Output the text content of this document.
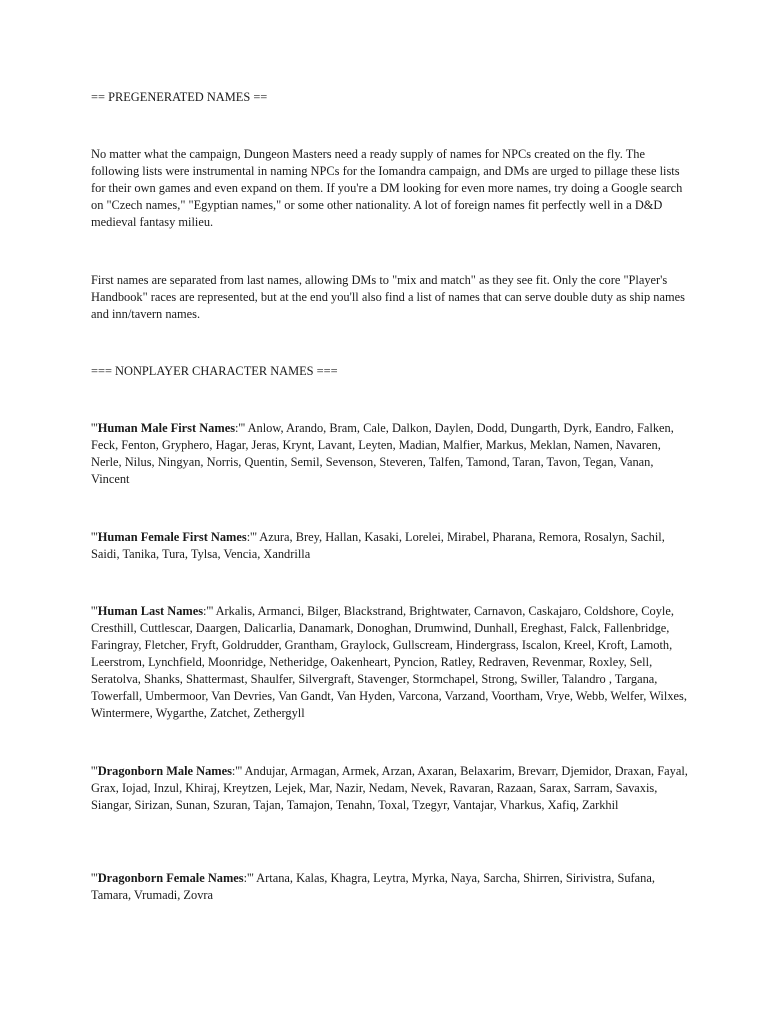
== PREGENERATED NAMES ==

No matter what the campaign, Dungeon Masters need a ready supply of names for NPCs created on the fly. The following lists were instrumental in naming NPCs for the Iomandra campaign, and DMs are urged to pillage these lists for their own games and even expand on them. If you're a DM looking for even more names, try doing a Google search on "Czech names," "Egyptian names," or some other nationality. A lot of foreign names fit perfectly well in a D&D medieval fantasy milieu.

First names are separated from last names, allowing DMs to "mix and match" as they see fit. Only the core "Player's Handbook" races are represented, but at the end you'll also find a list of names that can serve double duty as ship names and inn/tavern names.

=== NONPLAYER CHARACTER NAMES ===

'''Human Male First Names:''' Anlow, Arando, Bram, Cale, Dalkon, Daylen, Dodd, Dungarth, Dyrk, Eandro, Falken, Feck, Fenton, Gryphero, Hagar, Jeras, Krynt, Lavant, Leyten, Madian, Malfier, Markus, Meklan, Namen, Navaren, Nerle, Nilus, Ningyan, Norris, Quentin, Semil, Sevenson, Steveren, Talfen, Tamond, Taran, Tavon, Tegan, Vanan, Vincent

'''Human Female First Names:''' Azura, Brey, Hallan, Kasaki, Lorelei, Mirabel, Pharana, Remora, Rosalyn, Sachil, Saidi, Tanika, Tura, Tylsa, Vencia, Xandrilla

'''Human Last Names:''' Arkalis, Armanci, Bilger, Blackstrand, Brightwater, Carnavon, Caskajaro, Coldshore, Coyle, Cresthill, Cuttlescar, Daargen, Dalicarlia, Danamark, Donoghan, Drumwind, Dunhall, Ereghast, Falck, Fallenbridge, Faringray, Fletcher, Fryft, Goldrudder, Grantham, Graylock, Gullscream, Hindergrass, Iscalon, Kreel, Kroft, Lamoth, Leerstrom, Lynchfield, Moonridge, Netheridge, Oakenheart, Pyncion, Ratley, Redraven, Revenmar, Roxley, Sell, Seratolva, Shanks, Shattermast, Shaulfer, Silvergraft, Stavenger, Stormchapel, Strong, Swiller, Talandro , Targana, Towerfall, Umbermoor, Van Devries, Van Gandt, Van Hyden, Varcona, Varzand, Voortham, Vrye, Webb, Welfer, Wilxes, Wintermere, Wygarthe, Zatchet, Zethergyll

'''Dragonborn Male Names:''' Andujar, Armagan, Armek, Arzan, Axaran, Belaxarim, Brevarr, Djemidor, Draxan, Fayal, Grax, Iojad, Inzul, Khiraj, Kreytzen, Lejek, Mar, Nazir, Nedam, Nevek, Ravaran, Razaan, Sarax, Sarram, Savaxis, Siangar, Sirizan, Sunan, Szuran, Tajan, Tamajon, Tenahn, Toxal, Tzegyr, Vantajar, Vharkus, Xafiq, Zarkhil

'''Dragonborn Female Names:''' Artana, Kalas, Khagra, Leytra, Myrka, Naya, Sarcha, Shirren, Sirivistra, Sufana, Tamara, Vrumadi, Zovra
